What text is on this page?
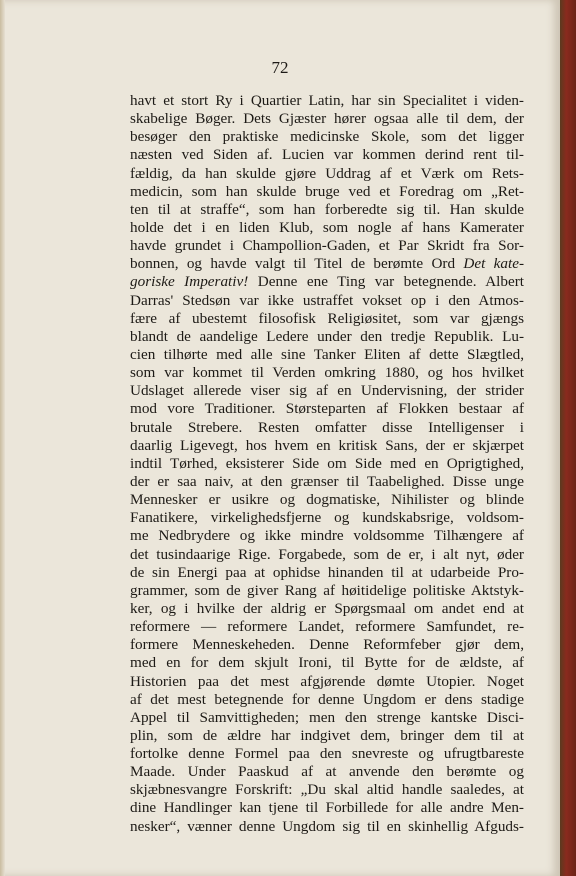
72
havt et stort Ry i Quartier Latin, har sin Specialitet i viden-
skabelige Bøger. Dets Gjæster hører ogsaa alle til dem, der
besøger den praktiske medicinske Skole, som det ligger
næsten ved Siden af. Lucien var kommen derind rent til-
fældig, da han skulde gjøre Uddrag af et Værk om Rets-
medicin, som han skulde bruge ved et Foredrag om „Ret-
ten til at straffe“, som han forberedte sig til. Han skulde
holde det i en liden Klub, som nogle af hans Kamerater
havde grundet i Champollion-Gaden, et Par Skridt fra Sor-
bonnen, og havde valgt til Titel de berømte Ord Det kate-
goriske Imperativ! Denne ene Ting var betegnende. Albert
Darras' Stedsøn var ikke ustraffet vokset op i den Atmos-
fære af ubestemt filosofisk Religiøsitet, som var gjængs
blandt de aandelige Ledere under den tredje Republik. Lu-
cien tilhørte med alle sine Tanker Eliten af dette Slægtled,
som var kommet til Verden omkring 1880, og hos hvilket
Udslaget allerede viser sig af en Undervisning, der strider
mod vore Traditioner. Størsteparten af Flokken bestaar af
brutale Strebere. Resten omfatter disse Intelligenser i
daarlig Ligevegt, hos hvem en kritisk Sans, der er skjærpet
indtil Tørhed, eksisterer Side om Side med en Oprigtighed,
der er saa naiv, at den grænser til Taabelighed. Disse unge
Mennesker er usikre og dogmatiske, Nihilister og blinde
Fanatikere, virkelighedsfjerne og kundskabsrige, voldsom-
me Nedbrydere og ikke mindre voldsomme Tilhængere af
det tusindaarige Rige. Forgabede, som de er, i alt nyt, øder
de sin Energi paa at ophidse hinanden til at udarbeide Pro-
grammer, som de giver Rang af høitidelige politiske Aktstyk-
ker, og i hvilke der aldrig er Spørgsmaal om andet end at
reformere — reformere Landet, reformere Samfundet, re-
formere Menneskeheden. Denne Reformfeber gjør dem,
med en for dem skjult Ironi, til Bytte for de ældste, af
Historien paa det mest afgjørende dømte Utopier. Noget
af det mest betegnende for denne Ungdom er dens stadige
Appel til Samvittigheden; men den strenge kantske Disci-
plin, som de ældre har indgivet dem, bringer dem til at
fortolke denne Formel paa den snevreste og ufrugtbareste
Maade. Under Paaskud af at anvende den berømte og
skjæbnesvangre Forskrift: „Du skal altid handle saaledes, at
dine Handlinger kan tjene til Forbillede for alle andre Men-
nesker“, vænner denne Ungdom sig til en skinhellig Afguds-
